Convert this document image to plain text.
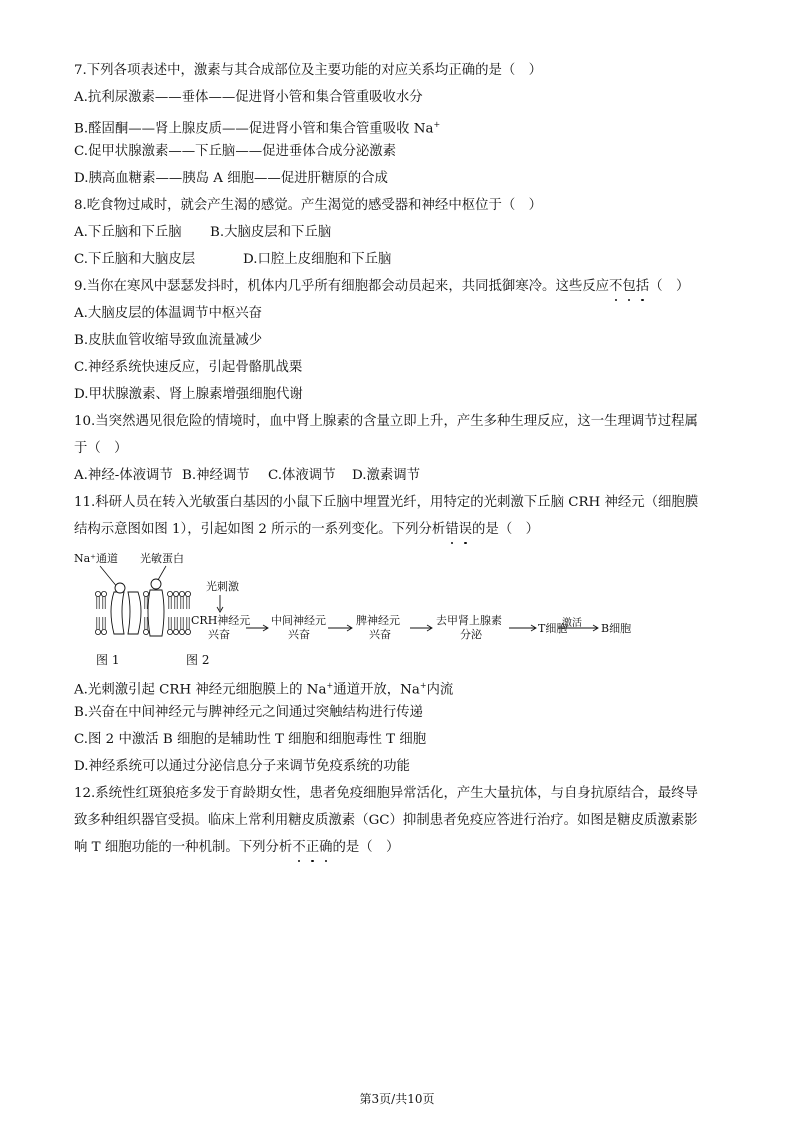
7.下列各项表述中，激素与其合成部位及主要功能的对应关系均正确的是（　）
A.抗利尿激素——垂体——促进肾小管和集合管重吸收水分
B.醛固酮——肾上腺皮质——促进肾小管和集合管重吸收 Na+
C.促甲状腺激素——下丘脑——促进垂体合成分泌激素
D.胰高血糖素——胰岛 A 细胞——促进肝糖原的合成
8.吃食物过咸时，就会产生渴的感觉。产生渴觉的感受器和神经中枢位于（　）
A.下丘脑和下丘脑 B.大脑皮层和下丘脑
C.下丘脑和大脑皮层	D.口腔上皮细胞和下丘脑
9.当你在寒风中瑟瑟发抖时，机体内几乎所有细胞都会动员起来，共同抵御寒冷。这些反应不包括（　）
A.大脑皮层的体温调节中枢兴奋
B.皮肤血管收缩导致血流量减少
C.神经系统快速反应，引起骨骼肌战栗
D.甲状腺激素、肾上腺素增强细胞代谢
10.当突然遇见很危险的情境时，血中肾上腺素的含量立即上升，产生多种生理反应，这一生理调节过程属
于（　）
A.神经-体液调节 B.神经调节 C.体液调节 D.激素调节
11.科研人员在转入光敏蛋白基因的小鼠下丘脑中埋置光纤，用特定的光刺激下丘脑 CRH 神经元（细胞膜
结构示意图如图 1），引起如图 2 所示的一系列变化。下列分析错误的是（　）
Na⁺通道 光敏蛋白
光刺激
CRH神经元
兴奋
中间神经元
兴奋
脾神经元
兴奋
去甲肾上腺素
分泌	T细胞
激活 B细胞
图 1	图 2
A.光刺激引起 CRH 神经元细胞膜上的 Na+通道开放，Na+内流
B.兴奋在中间神经元与脾神经元之间通过突触结构进行传递
C.图 2 中激活 B 细胞的是辅助性 T 细胞和细胞毒性 T 细胞
D.神经系统可以通过分泌信息分子来调节免疫系统的功能
12.系统性红斑狼疮多发于育龄期女性，患者免疫细胞异常活化，产生大量抗体，与自身抗原结合，最终导
致多种组织器官受损。临床上常利用糖皮质激素（GC）抑制患者免疫应答进行治疗。如图是糖皮质激素影
响 T 细胞功能的一种机制。下列分析不正确的是（　）
第3页/共10页
